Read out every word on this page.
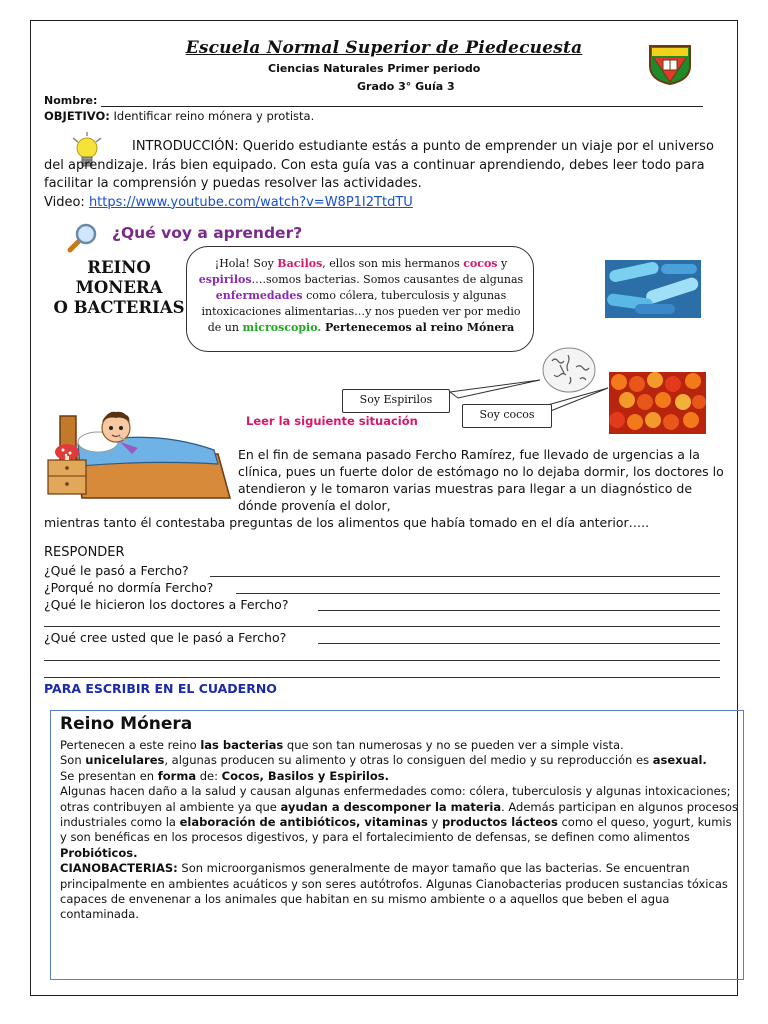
Escuela Normal Superior de Piedecuesta
Ciencias Naturales Primer periodo
Grado 3° Guía 3
Nombre:
OBJETIVO: Identificar reino mónera y protista.
INTRODUCCIÓN: Querido estudiante estás a punto de emprender un viaje por el universo del aprendizaje. Irás bien equipado. Con esta guía vas a continuar aprendiendo, debes leer todo para facilitar la comprensión y puedas resolver las actividades.
Video: https://www.youtube.com/watch?v=W8P1I2TtdTU
¿Qué voy a aprender?
REINO
MONERA
O BACTERIAS
¡Hola! Soy Bacilos, ellos son mis hermanos cocos y espirilos….somos bacterias. Somos causantes de algunas enfermedades como cólera, tuberculosis y algunas intoxicaciones alimentarias…y nos pueden ver por medio de un microscopio. Pertenecemos al reino Mónera
Soy Espirilos
Soy cocos
Leer la siguiente situación
En el fin de semana pasado Fercho Ramírez, fue llevado de urgencias a la clínica, pues un fuerte dolor de estómago no lo dejaba dormir, los doctores lo atendieron y le tomaron varias muestras para llegar a un diagnóstico de dónde provenía el dolor,
mientras tanto él contestaba preguntas de los alimentos que había tomado en el día anterior…..
RESPONDER
¿Qué le pasó a Fercho?
¿Porqué no dormía Fercho?
¿Qué le hicieron los doctores a Fercho?
¿Qué cree usted que le pasó a Fercho?
PARA ESCRIBIR EN EL CUADERNO
Reino Mónera

Pertenecen a este reino las bacterias que son tan numerosas y no se pueden ver a simple vista.

Son unicelulares, algunas producen su alimento y otras lo consiguen del medio y su reproducción es asexual.

Se presentan en forma de: Cocos, Basilos y Espirilos.

Algunas hacen daño a la salud y causan algunas enfermedades como: cólera, tuberculosis y algunas intoxicaciones; otras contribuyen al ambiente ya que ayudan a descomponer la materia. Además participan en algunos procesos industriales como la elaboración de antibióticos, vitaminas y productos lácteos como el queso, yogurt, kumis y son benéficas en los procesos digestivos, y para el fortalecimiento de defensas, se definen como alimentos Probióticos.

CIANOBACTERIAS: Son microorganismos generalmente de mayor tamaño que las bacterias. Se encuentran principalmente en ambientes acuáticos y son seres autótrofos. Algunas Cianobacterias producen sustancias tóxicas capaces de envenenar a los animales que habitan en su mismo ambiente o a aquellos que beben el agua contaminada.
